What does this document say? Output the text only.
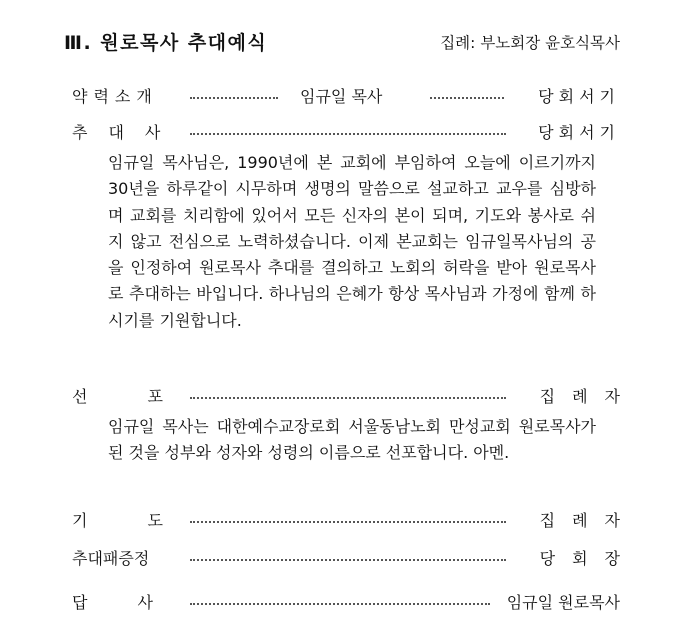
Ⅲ. 원로목사 추대예식	집례: 부노회장 윤호식목사
약력소개	임규일 목사	당회서기
추대사	당회서기
임규일 목사님은, 1990년에 본 교회에 부임하여 오늘에 이르기까지 30년을 하루같이 시무하며 생명의 말씀으로 설교하고 교우를 심방하며 교회를 치리함에 있어서 모든 신자의 본이 되며, 기도와 봉사로 쉬지 않고 전심으로 노력하셨습니다. 이제 본교회는 임규일목사님의 공을 인정하여 원로목사 추대를 결의하고 노회의 허락을 받아 원로목사로 추대하는 바입니다. 하나님의 은혜가 항상 목사님과 가정에 함께 하시기를 기원합니다.
선포	집례자
임규일 목사는 대한예수교장로회 서울동남노회 만성교회 원로목사가 된 것을 성부와 성자와 성령의 이름으로 선포합니다. 아멘.
기도	집례자
추대패증정	당회장
답사	임규일 원로목사
